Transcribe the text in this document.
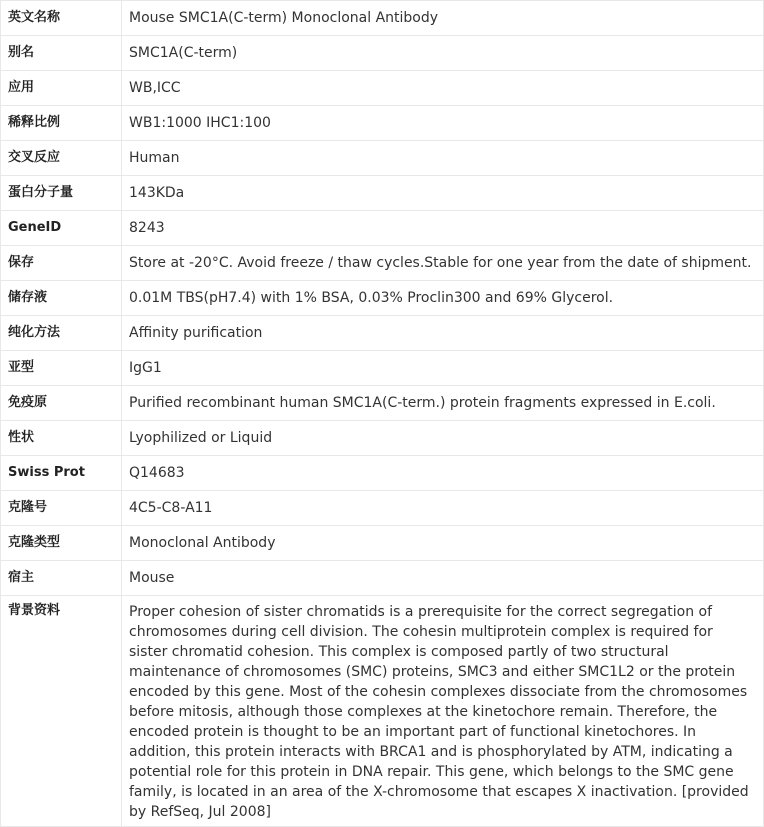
英文名称	Mouse SMC1A(C-term) Monoclonal Antibody
别名	SMC1A(C-term)
应用	WB,ICC
稀释比例	WB1:1000 IHC1:100
交叉反应	Human
蛋白分子量	143KDa
GeneID	8243
保存	Store at -20°C. Avoid freeze / thaw cycles.Stable for one year from the date of shipment.
储存液	0.01M TBS(pH7.4) with 1% BSA, 0.03% Proclin300 and 69% Glycerol.
纯化方法	Affinity purification
亚型	IgG1
免疫原	Purified recombinant human SMC1A(C-term.) protein fragments expressed in E.coli.
性状	Lyophilized or Liquid
Swiss Prot	Q14683
克隆号	4C5-C8-A11
克隆类型	Monoclonal Antibody
宿主	Mouse
背景资料	Proper cohesion of sister chromatids is a prerequisite for the correct segregation of chromosomes during cell division. The cohesin multiprotein complex is required for sister chromatid cohesion. This complex is composed partly of two structural maintenance of chromosomes (SMC) proteins, SMC3 and either SMC1L2 or the protein encoded by this gene. Most of the cohesin complexes dissociate from the chromosomes before mitosis, although those complexes at the kinetochore remain. Therefore, the encoded protein is thought to be an important part of functional kinetochores. In addition, this protein interacts with BRCA1 and is phosphorylated by ATM, indicating a potential role for this protein in DNA repair. This gene, which belongs to the SMC gene family, is located in an area of the X-chromosome that escapes X inactivation. [provided by RefSeq, Jul 2008]
